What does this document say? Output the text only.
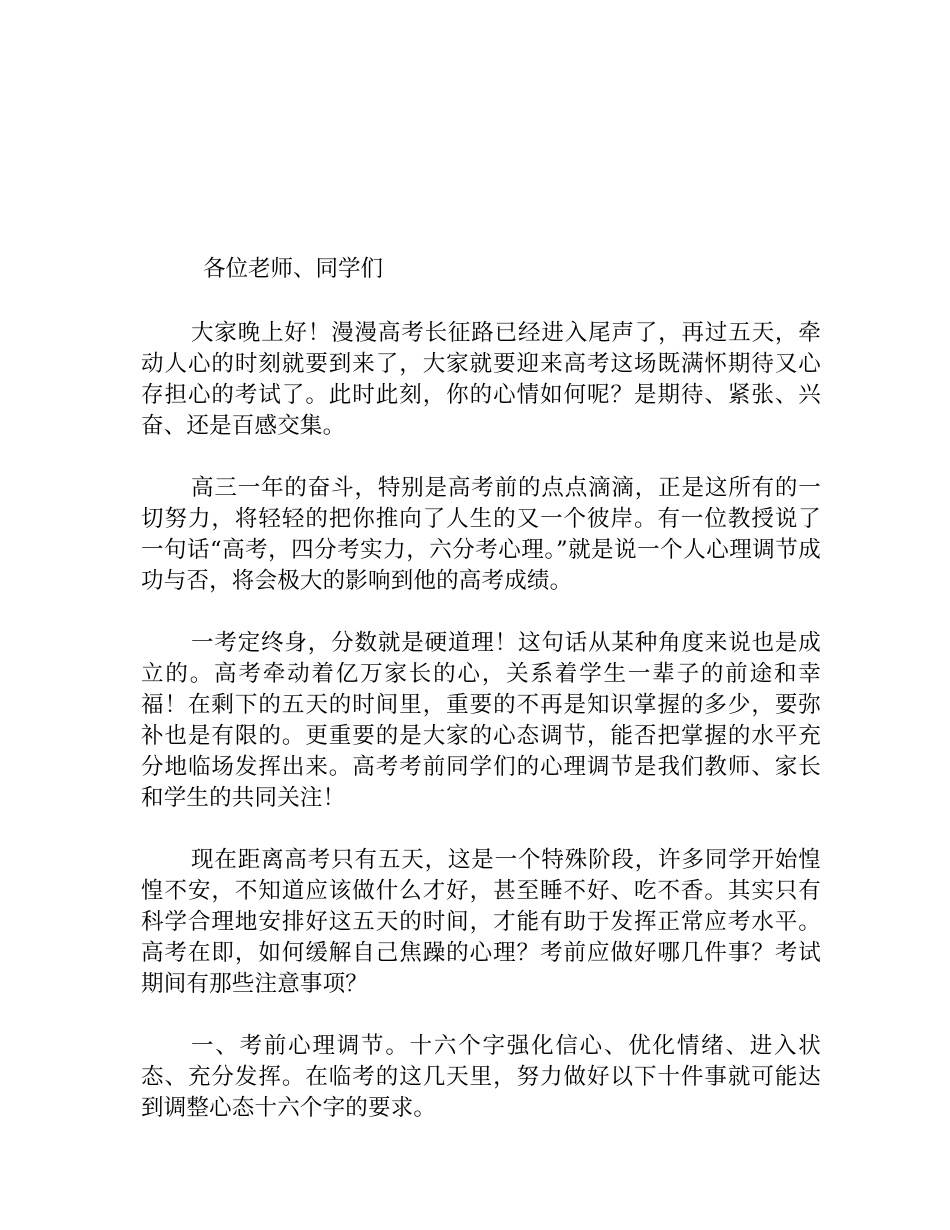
各位老师、同学们

大家晚上好！漫漫高考长征路已经进入尾声了，再过五天，牵动人心的时刻就要到来了，大家就要迎来高考这场既满怀期待又心存担心的考试了。此时此刻，你的心情如何呢？是期待、紧张、兴奋、还是百感交集。

高三一年的奋斗，特别是高考前的点点滴滴，正是这所有的一切努力，将轻轻的把你推向了人生的又一个彼岸。有一位教授说了一句话“高考，四分考实力，六分考心理。”就是说一个人心理调节成功与否，将会极大的影响到他的高考成绩。

一考定终身，分数就是硬道理！这句话从某种角度来说也是成立的。高考牵动着亿万家长的心，关系着学生一辈子的前途和幸福！在剩下的五天的时间里，重要的不再是知识掌握的多少，要弥补也是有限的。更重要的是大家的心态调节，能否把掌握的水平充分地临场发挥出来。高考考前同学们的心理调节是我们教师、家长和学生的共同关注！

现在距离高考只有五天，这是一个特殊阶段，许多同学开始惶惶不安，不知道应该做什么才好，甚至睡不好、吃不香。其实只有科学合理地安排好这五天的时间，才能有助于发挥正常应考水平。高考在即，如何缓解自己焦躁的心理？考前应做好哪几件事？考试期间有那些注意事项？

一、考前心理调节。十六个字强化信心、优化情绪、进入状态、充分发挥。在临考的这几天里，努力做好以下十件事就可能达到调整心态十六个字的要求。
